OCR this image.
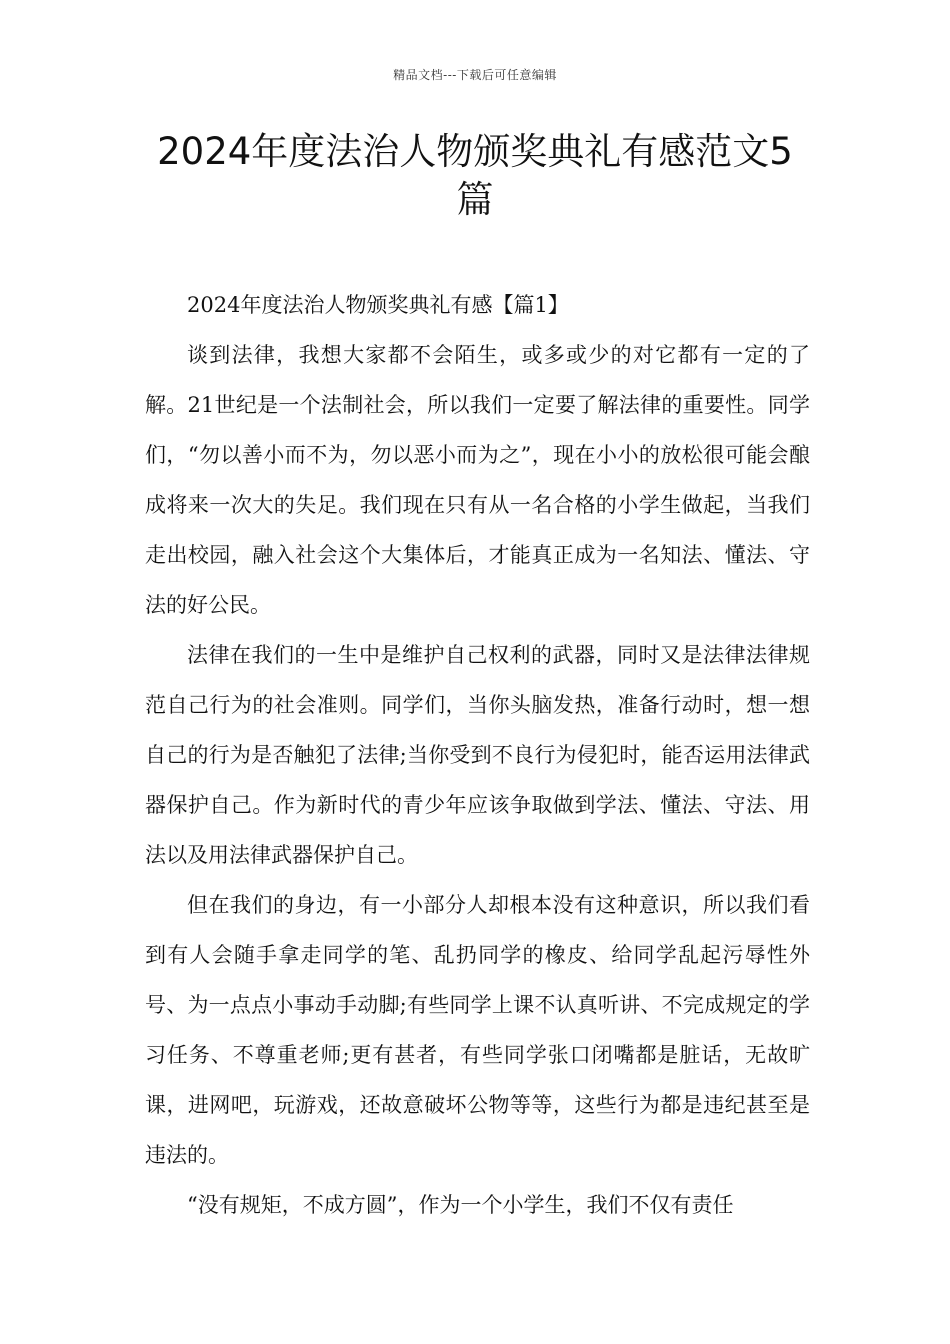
精品文档---下载后可任意编辑
2024年度法治人物颁奖典礼有感范文5篇

2024年度法治人物颁奖典礼有感【篇1】

谈到法律，我想大家都不会陌生，或多或少的对它都有一定的了解。21世纪是一个法制社会，所以我们一定要了解法律的重要性。同学们，“勿以善小而不为，勿以恶小而为之”，现在小小的放松很可能会酿成将来一次大的失足。我们现在只有从一名合格的小学生做起，当我们走出校园，融入社会这个大集体后，才能真正成为一名知法、懂法、守法的好公民。

法律在我们的一生中是维护自己权利的武器，同时又是法律法律规范自己行为的社会准则。同学们，当你头脑发热，准备行动时，想一想自己的行为是否触犯了法律;当你受到不良行为侵犯时，能否运用法律武器保护自己。作为新时代的青少年应该争取做到学法、懂法、守法、用法以及用法律武器保护自己。

但在我们的身边，有一小部分人却根本没有这种意识，所以我们看到有人会随手拿走同学的笔、乱扔同学的橡皮、给同学乱起污辱性外号、为一点点小事动手动脚;有些同学上课不认真听讲、不完成规定的学习任务、不尊重老师;更有甚者，有些同学张口闭嘴都是脏话，无故旷课，进网吧，玩游戏，还故意破坏公物等等，这些行为都是违纪甚至是违法的。

“没有规矩，不成方圆”，作为一个小学生，我们不仅有责任
